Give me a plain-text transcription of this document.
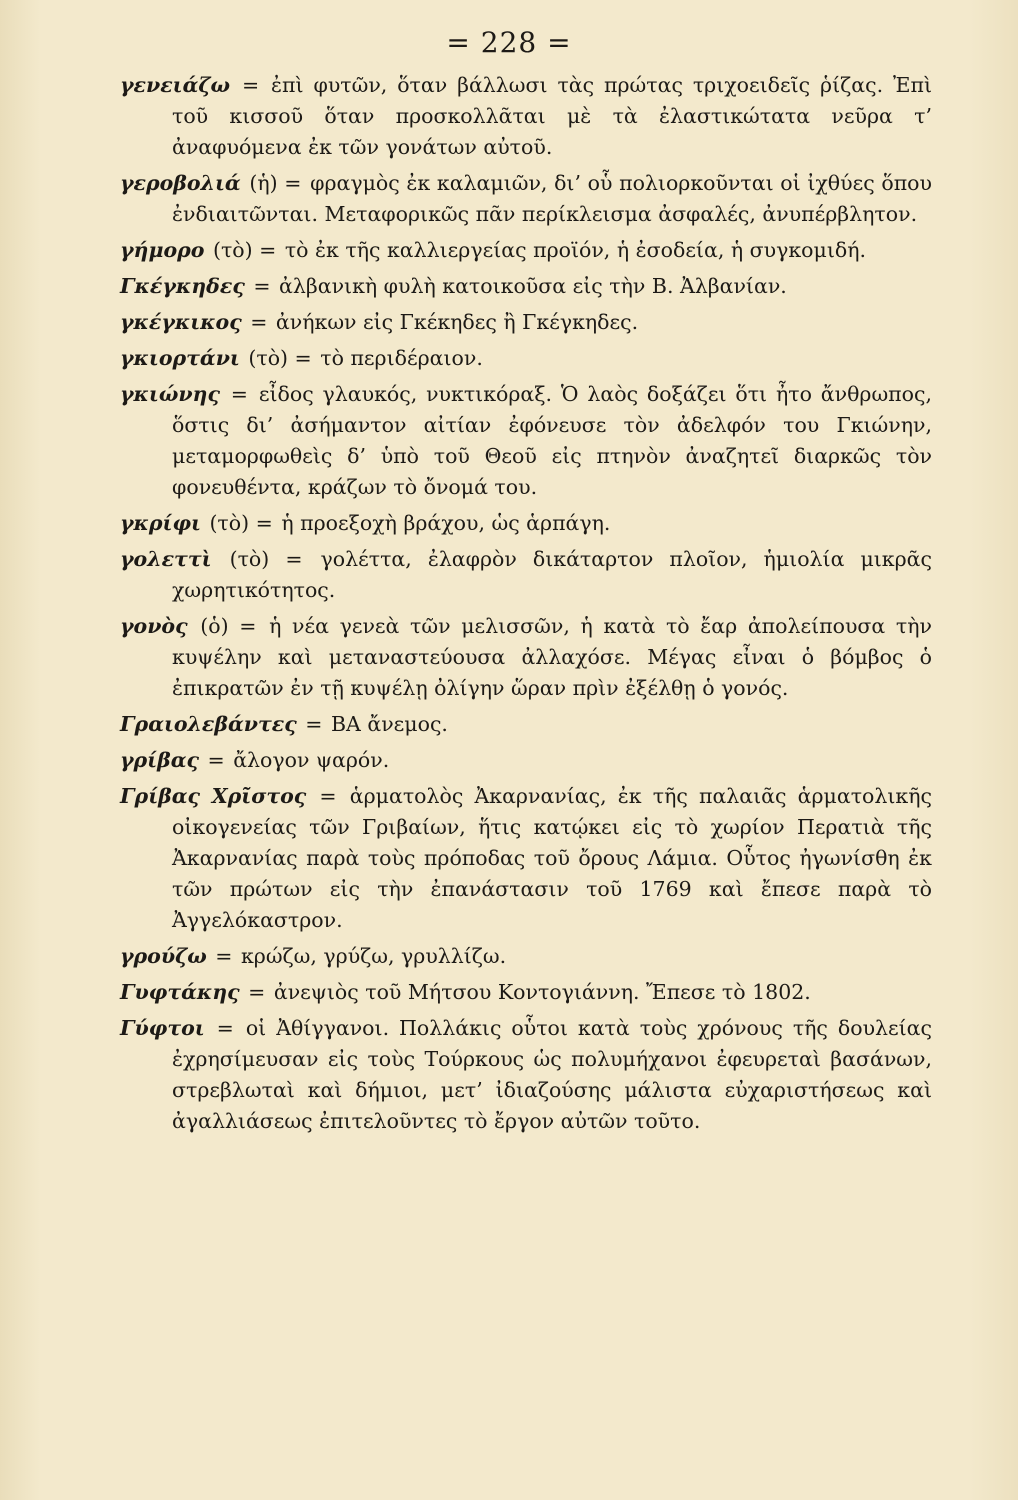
= 228 =

γενειάζω = ἐπὶ φυτῶν, ὅταν βάλλωσι τὰς πρώτας τριχοειδεῖς ῥίζας. Ἐπὶ τοῦ κισσοῦ ὅταν προσκολλᾶται μὲ τὰ ἐλαστικώτατα νεῦρα τ’ ἀναφυόμενα ἐκ τῶν γονάτων αὐτοῦ.

γεροβολιά (ἡ) = φραγμὸς ἐκ καλαμιῶν, δι’ οὗ πολιορκοῦνται οἱ ἰχθύες ὅπου ἐνδιαιτῶνται. Μεταφορικῶς πᾶν περίκλεισμα ἀσφαλές, ἀνυπέρβλητον.

γήμορο (τὸ) = τὸ ἐκ τῆς καλλιεργείας προϊόν, ἡ ἐσοδεία, ἡ συγκομιδή.

Γκέγκηδες = ἀλβανικὴ φυλὴ κατοικοῦσα εἰς τὴν Β. Ἀλβανίαν.

γκέγκικος = ἀνήκων εἰς Γκέκηδες ἢ Γκέγκηδες.

γκιορτάνι (τὸ) = τὸ περιδέραιον.

γκιώνης = εἶδος γλαυκός, νυκτικόραξ. Ὁ λαὸς δοξάζει ὅτι ἦτο ἄνθρωπος, ὅστις δι’ ἀσήμαντον αἰτίαν ἐφόνευσε τὸν ἀδελφόν του Γκιώνην, μεταμορφωθεὶς δ’ ὑπὸ τοῦ Θεοῦ εἰς πτηνὸν ἀναζητεῖ διαρκῶς τὸν φονευθέντα, κράζων τὸ ὄνομά του.

γκρίφι (τὸ) = ἡ προεξοχὴ βράχου, ὡς ἁρπάγη.

γολεττὶ (τὸ) = γολέττα, ἐλαφρὸν δικάταρτον πλοῖον, ἡμιολία μικρᾶς χωρητικότητος.

γονὸς (ὁ) = ἡ νέα γενεὰ τῶν μελισσῶν, ἡ κατὰ τὸ ἔαρ ἀπολείπουσα τὴν κυψέλην καὶ μεταναστεύουσα ἀλλαχόσε. Μέγας εἶναι ὁ βόμβος ὁ ἐπικρατῶν ἐν τῇ κυψέλῃ ὀλίγην ὥραν πρὶν ἐξέλθῃ ὁ γονός.

Γραιολεβάντες = ΒΑ ἄνεμος.

γρίβας = ἄλογον ψαρόν.

Γρίβας Χρῖστος = ἁρματολὸς Ἀκαρνανίας, ἐκ τῆς παλαιᾶς ἁρματολικῆς οἰκογενείας τῶν Γριβαίων, ἥτις κατῴκει εἰς τὸ χωρίον Περατιὰ τῆς Ἀκαρνανίας παρὰ τοὺς πρόποδας τοῦ ὄρους Λάμια. Οὗτος ἠγωνίσθη ἐκ τῶν πρώτων εἰς τὴν ἐπανάστασιν τοῦ 1769 καὶ ἔπεσε παρὰ τὸ Ἀγγελόκαστρον.

γρούζω = κρώζω, γρύζω, γρυλλίζω.

Γυφτάκης = ἀνεψιὸς τοῦ Μήτσου Κοντογιάννη. Ἔπεσε τὸ 1802.

Γύφτοι = οἱ Ἀθίγγανοι. Πολλάκις οὗτοι κατὰ τοὺς χρόνους τῆς δουλείας ἐχρησίμευσαν εἰς τοὺς Τούρκους ὡς πολυμήχανοι ἐφευρεταὶ βασάνων, στρεβλωταὶ καὶ δήμιοι, μετ’ ἰδιαζούσης μάλιστα εὐχαριστήσεως καὶ ἀγαλλιάσεως ἐπιτελοῦντες τὸ ἔργον αὐτῶν τοῦτο.
